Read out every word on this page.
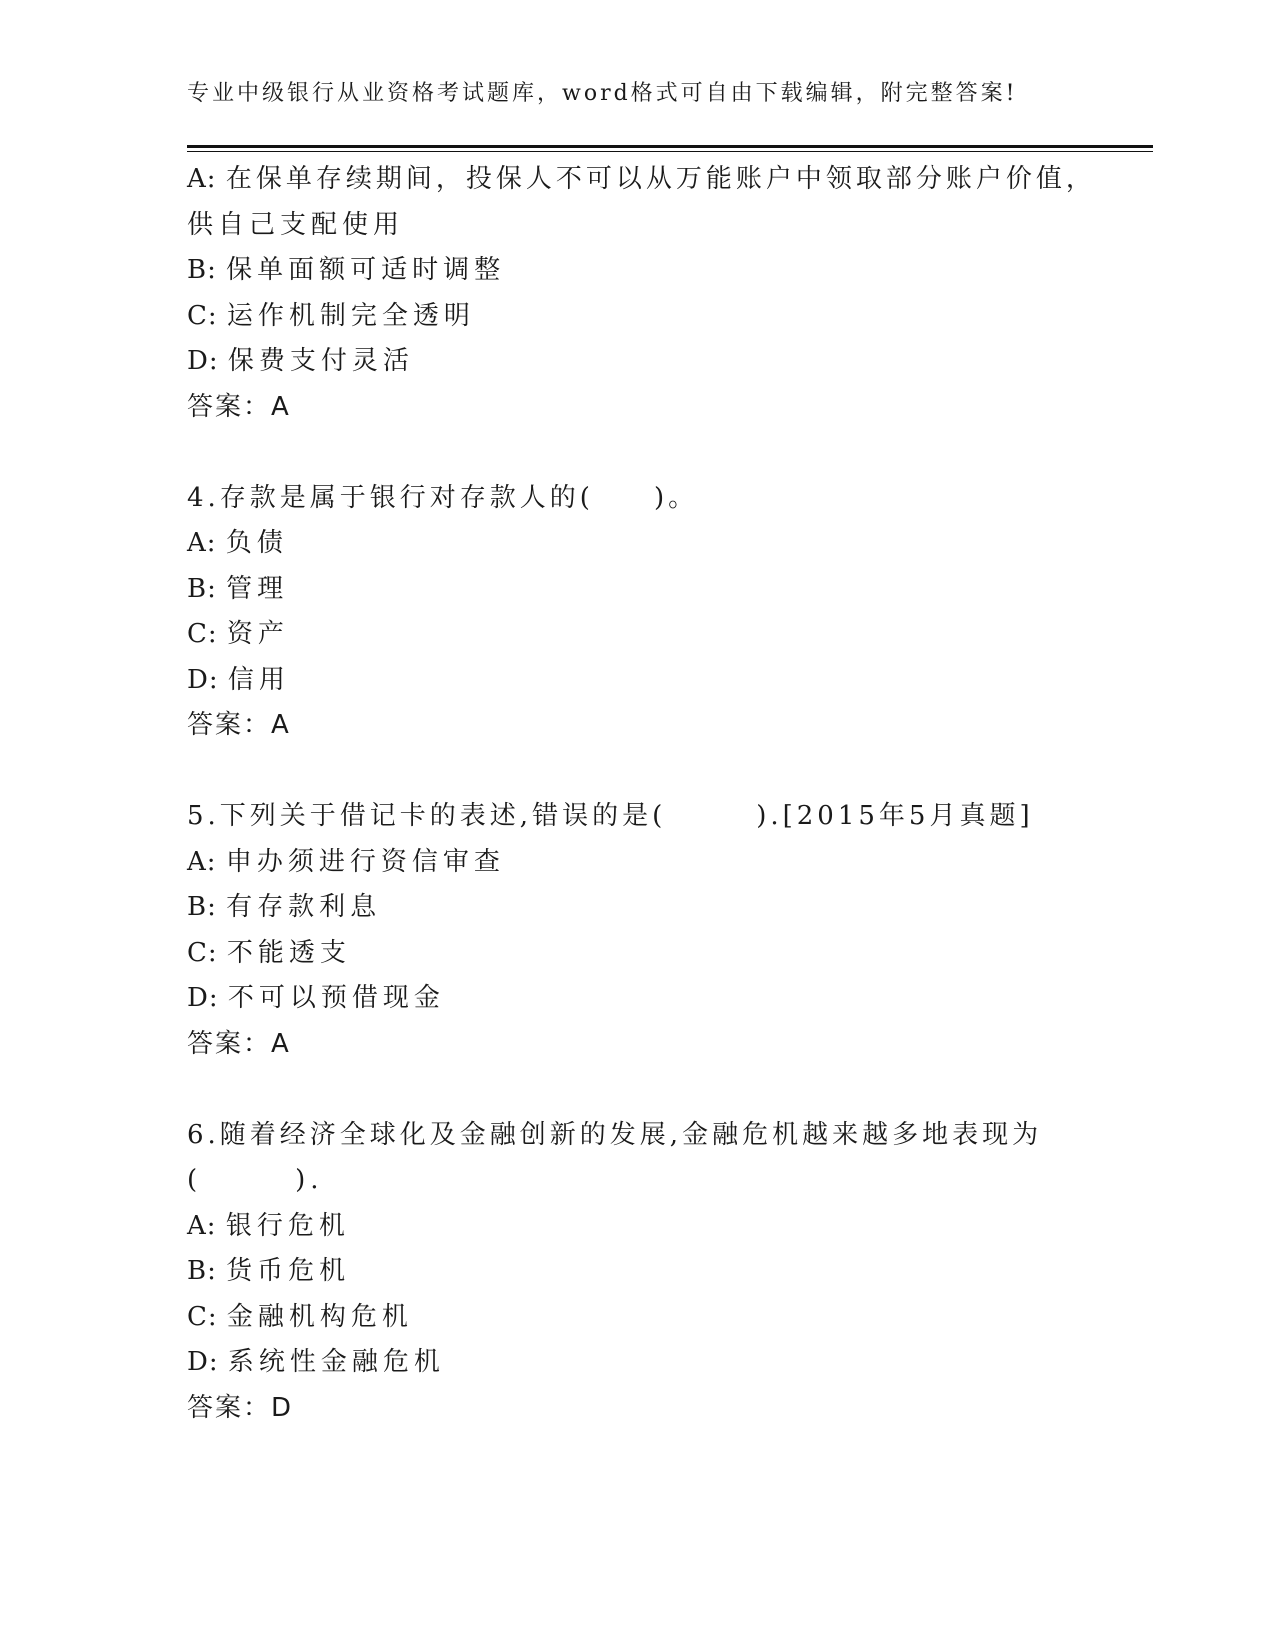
专业中级银行从业资格考试题库，word格式可自由下载编辑，附完整答案!
A: 在保单存续期间，投保人不可以从万能账户中领取部分账户价值，
供自己支配使用
B: 保单面额可适时调整
C: 运作机制完全透明
D: 保费支付灵活
答案：A
4.存款是属于银行对存款人的(　　)。
A: 负债
B: 管理
C: 资产
D: 信用
答案：A
5.下列关于借记卡的表述,错误的是(　　　).[2015年5月真题]
A: 申办须进行资信审查
B: 有存款利息
C: 不能透支
D: 不可以预借现金
答案：A
6.随着经济全球化及金融创新的发展,金融危机越来越多地表现为
(　　　).
A: 银行危机
B: 货币危机
C: 金融机构危机
D: 系统性金融危机
答案：D
